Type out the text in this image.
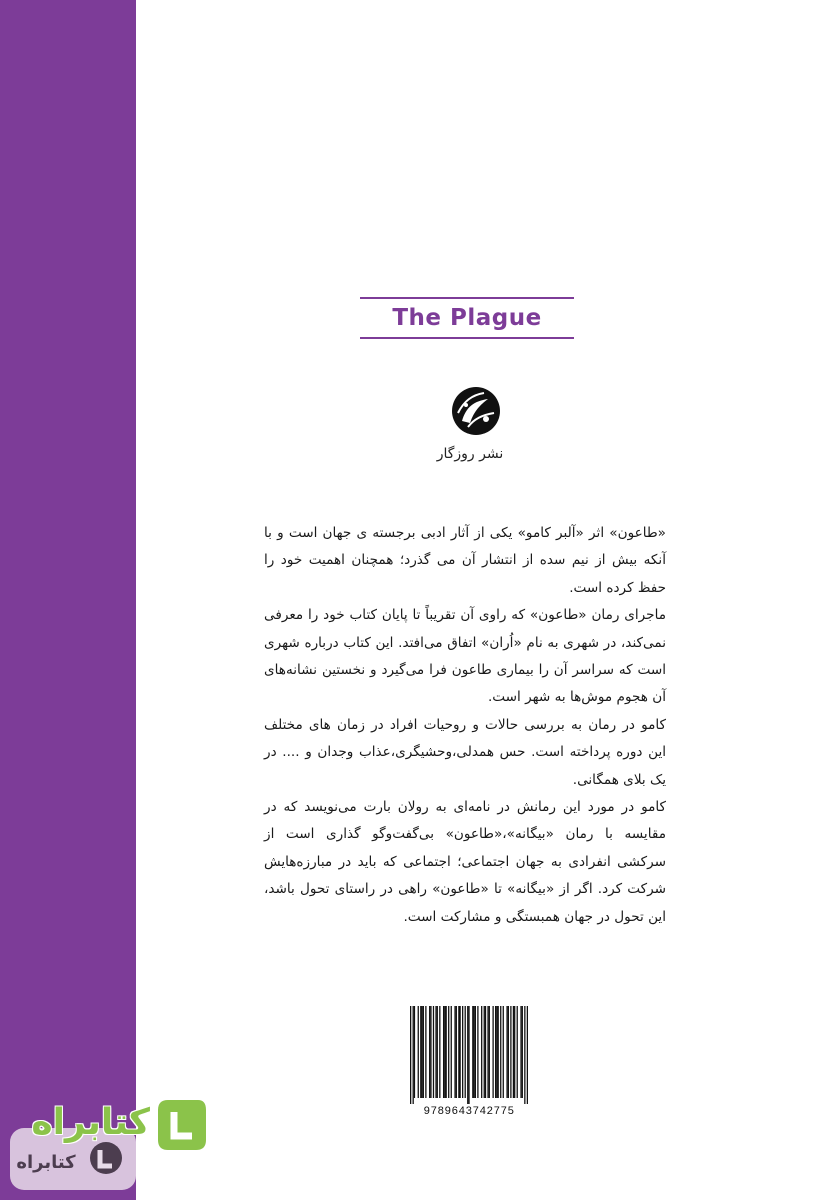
The Plague
نشر روزگار

«طاعون» اثر «آلبر کامو» یکی از آثار ادبی برجسته ی جهان است و با آنکه بیش از نیم سده از انتشار آن می گذرد؛ همچنان اهمیت خود را حفظ کرده است.

ماجرای رمان «طاعون» که راوی آن تقریباً تا پایان کتاب خود را معرفی نمی‌کند، در شهری به نام «اُران» اتفاق می‌افتد. این کتاب درباره شهری است که سراسر آن را بیماری طاعون فرا می‌گیرد و نخستین نشانه‌های آن هجوم موش‌ها به شهر است.

کامو در رمان به بررسی حالات و روحیات افراد در زمان های مختلف این دوره پرداخته است. حس همدلی،وحشیگری،عذاب وجدان و .... در یک بلای همگانی.

کامو در مورد این رمانش در نامه‌ای به رولان بارت می‌نویسد که در مقایسه با رمان «بیگانه»،«طاعون» بی‌گفت‌وگو گذاری است از سرکشی انفرادی به جهان اجتماعی؛ اجتماعی که باید در مبارزه‌هایش شرکت کرد. اگر از «بیگانه» تا «طاعون» راهی در راستای تحول باشد، این تحول در جهان همبستگی و مشارکت است.

9789643742775
کتابراه
کتابراه
